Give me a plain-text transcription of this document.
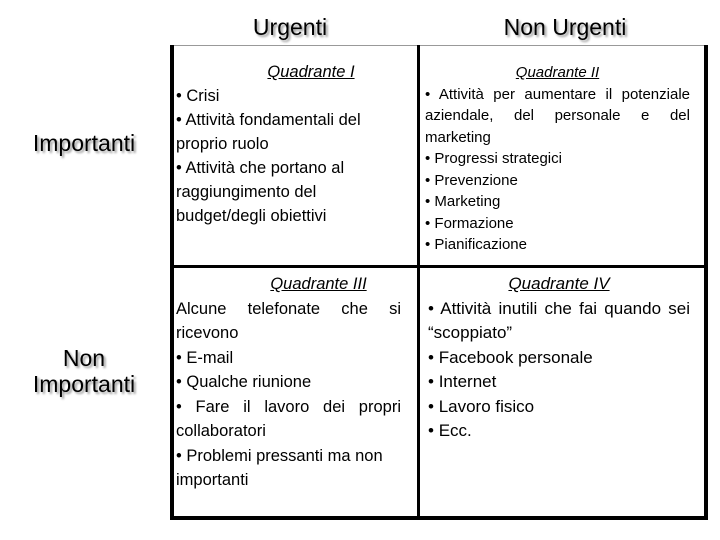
Urgenti	Non Urgenti
Importanti
Non
Importanti
Quadrante I
• Crisi
• Attività fondamentali del proprio ruolo
• Attività che portano al raggiungimento del budget/degli obiettivi
Quadrante II
• Attività per aumentare il potenziale aziendale, del personale e del marketing
• Progressi strategici
• Prevenzione
• Marketing
• Formazione
• Pianificazione
Quadrante III
Alcune telefonate che si ricevono
• E-mail
• Qualche riunione
• Fare il lavoro dei propri collaboratori
• Problemi pressanti ma non importanti
Quadrante IV
• Attività inutili che fai quando sei “scoppiato”
• Facebook personale
• Internet
• Lavoro fisico
• Ecc.
